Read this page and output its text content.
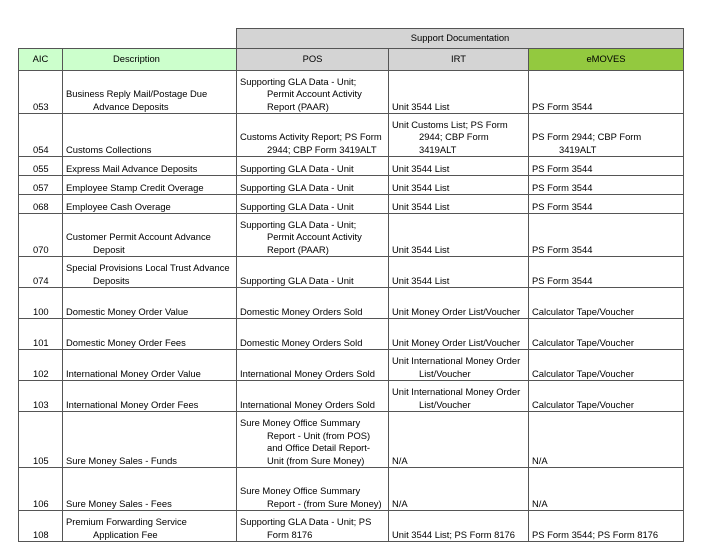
		Support Documentation		
AIC	Description	POS	IRT	eMOVES
053	Business Reply Mail/Postage Due Advance Deposits	Supporting GLA Data - Unit; Permit Account Activity Report (PAAR)	Unit 3544 List	PS Form 3544

054	Customs Collections	Customs Activity Report; PS Form 2944; CBP Form 3419ALT	Unit Customs List; PS Form 2944; CBP Form 3419ALT	PS Form 2944; CBP Form 3419ALT

055	Express Mail Advance Deposits	Supporting GLA Data - Unit	Unit 3544 List	PS Form 3544

057	Employee Stamp Credit Overage	Supporting GLA Data - Unit	Unit 3544 List	PS Form 3544

068	Employee Cash Overage	Supporting GLA Data - Unit	Unit 3544 List	PS Form 3544

070	Customer Permit Account Advance Deposit	Supporting GLA Data - Unit; Permit Account Activity Report (PAAR)	Unit 3544 List	PS Form 3544

074	Special Provisions Local Trust Advance Deposits	Supporting GLA Data - Unit	Unit 3544 List	PS Form 3544

100	Domestic Money Order Value	Domestic Money Orders Sold	Unit Money Order List/Voucher	Calculator Tape/Voucher

101	Domestic Money Order Fees	Domestic Money Orders Sold	Unit Money Order List/Voucher	Calculator Tape/Voucher

102	International Money Order Value	International Money Orders Sold	Unit International Money Order List/Voucher	Calculator Tape/Voucher

103	International Money Order Fees	International Money Orders Sold	Unit International Money Order List/Voucher	Calculator Tape/Voucher

105	Sure Money Sales - Funds	Sure Money Office Summary Report - Unit (from POS) and Office Detail Report- Unit (from Sure Money)	N/A	N/A

106	Sure Money Sales - Fees	Sure Money Office Summary Report - (from Sure Money)	N/A	N/A

108	Premium Forwarding Service Application Fee	Supporting GLA Data - Unit; PS Form 8176	Unit 3544 List; PS Form 8176	PS Form 3544; PS Form 8176
